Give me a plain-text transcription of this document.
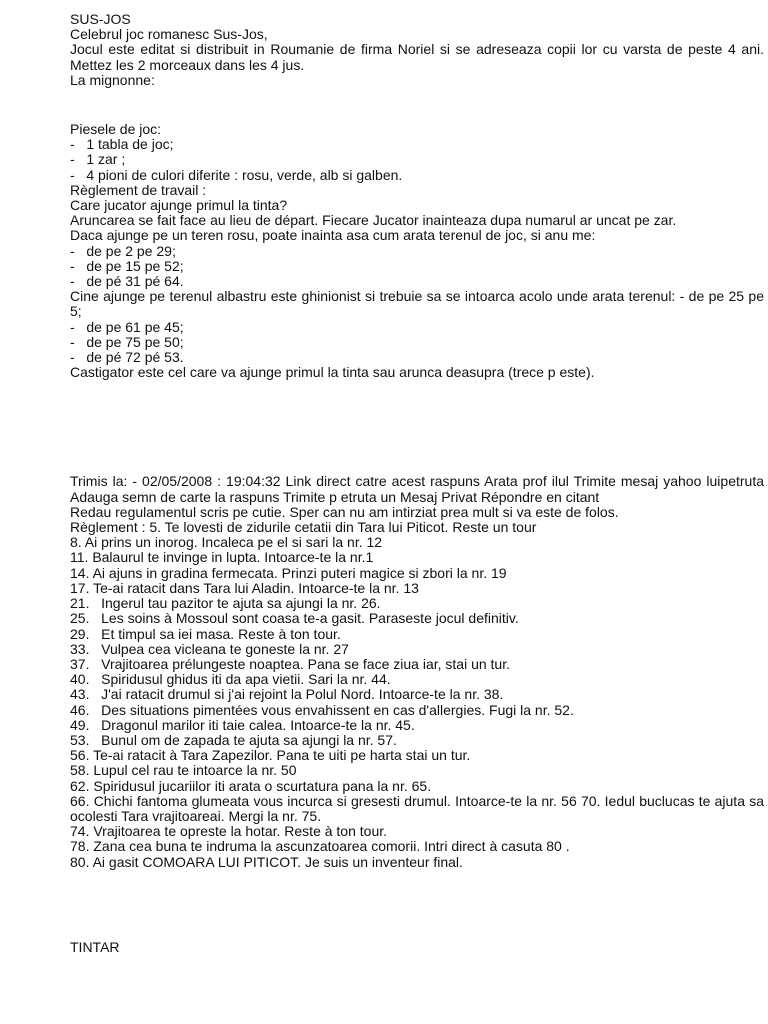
SUS-JOS
Celebrul joc romanesc Sus-Jos,
Jocul este editat si distribuit in Roumanie de firma Noriel si se adreseaza copii lor cu varsta de peste 4 ani. Mettez les 2 morceaux dans les 4 jus.
La mignonne:
Piesele de joc:
-   1 tabla de joc;
-   1 zar ;
-   4 pioni de culori diferite : rosu, verde, alb si galben.
Règlement de travail :
Care jucator ajunge primul la tinta?
Aruncarea se fait face au lieu de départ. Fiecare Jucator inainteaza dupa numarul ar uncat pe zar.
Daca ajunge pe un teren rosu, poate inainta asa cum arata terenul de joc, si anu me:
-   de pe 2 pe 29;
-   de pe 15 pe 52;
-   de pé 31 pé 64.
Cine ajunge pe terenul albastru este ghinionist si trebuie sa se intoarca acolo unde arata terenul: - de pe 25 pe 5;
-   de pe 61 pe 45;
-   de pe 75 pe 50;
-   de pé 72 pé 53.
Castigator este cel care va ajunge primul la tinta sau arunca deasupra (trece p este).
Trimis la: - 02/05/2008 : 19:04:32 Link direct catre acest raspuns Arata prof ilul Trimite mesaj yahoo luipetruta Adauga semn de carte la raspuns Trimite p etruta un Mesaj Privat Répondre en citant
Redau regulamentul scris pe cutie. Sper can nu am intirziat prea mult si va este de folos.
Règlement : 5. Te lovesti de zidurile cetatii din Tara lui Piticot. Reste un tour
8. Ai prins un inorog. Incaleca pe el si sari la nr. 12
11. Balaurul te invinge in lupta. Intoarce-te la nr.1
14. Ai ajuns in gradina fermecata. Prinzi puteri magice si zbori la nr. 19
17. Te-ai ratacit dans Tara lui Aladin. Intoarce-te la nr. 13
21.   Ingerul tau pazitor te ajuta sa ajungi la nr. 26.
25.   Les soins à Mossoul sont coasa te-a gasit. Paraseste jocul definitiv.
29.   Et timpul sa iei masa. Reste à ton tour.
33.   Vulpea cea vicleana te goneste la nr. 27
37.   Vrajitoarea prélungeste noaptea. Pana se face ziua iar, stai un tur.
40.   Spiridusul ghidus iti da apa vietii. Sari la nr. 44.
43.   J'ai ratacit drumul si j'ai rejoint la Polul Nord. Intoarce-te la nr. 38.
46.   Des situations pimentées vous envahissent en cas d'allergies. Fugi la nr. 52.
49.   Dragonul marilor iti taie calea. Intoarce-te la nr. 45.
53.   Bunul om de zapada te ajuta sa ajungi la nr. 57.
56. Te-ai ratacit à Tara Zapezilor. Pana te uiti pe harta stai un tur.
58. Lupul cel rau te intoarce la nr. 50
62. Spiridusul jucariilor iti arata o scurtatura pana la nr. 65.
66. Chichi fantoma glumeata vous incurca si gresesti drumul. Intoarce-te la nr. 56 70. Iedul buclucas te ajuta sa ocolesti Tara vrajitoareai. Mergi la nr. 75.
74. Vrajitoarea te opreste la hotar. Reste à ton tour.
78. Zana cea buna te indruma la ascunzatoarea comorii. Intri direct à casuta 80 .
80. Ai gasit COMOARA LUI PITICOT. Je suis un inventeur final.
TINTAR
